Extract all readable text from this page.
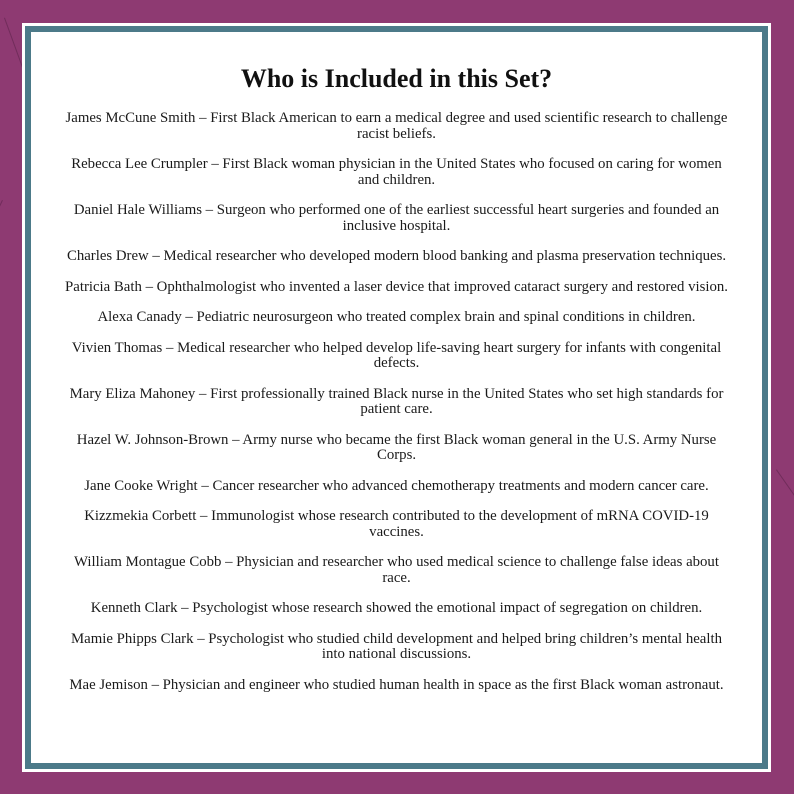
Who is Included in this Set?
James McCune Smith – First Black American to earn a medical degree and used scientific research to challenge racist beliefs.
Rebecca Lee Crumpler – First Black woman physician in the United States who focused on caring for women and children.
Daniel Hale Williams – Surgeon who performed one of the earliest successful heart surgeries and founded an inclusive hospital.
Charles Drew – Medical researcher who developed modern blood banking and plasma preservation techniques.
Patricia Bath – Ophthalmologist who invented a laser device that improved cataract surgery and restored vision.
Alexa Canady – Pediatric neurosurgeon who treated complex brain and spinal conditions in children.
Vivien Thomas – Medical researcher who helped develop life-saving heart surgery for infants with congenital defects.
Mary Eliza Mahoney – First professionally trained Black nurse in the United States who set high standards for patient care.
Hazel W. Johnson-Brown – Army nurse who became the first Black woman general in the U.S. Army Nurse Corps.
Jane Cooke Wright – Cancer researcher who advanced chemotherapy treatments and modern cancer care.
Kizzmekia Corbett – Immunologist whose research contributed to the development of mRNA COVID-19 vaccines.
William Montague Cobb – Physician and researcher who used medical science to challenge false ideas about race.
Kenneth Clark – Psychologist whose research showed the emotional impact of segregation on children.
Mamie Phipps Clark – Psychologist who studied child development and helped bring children’s mental health into national discussions.
Mae Jemison – Physician and engineer who studied human health in space as the first Black woman astronaut.
